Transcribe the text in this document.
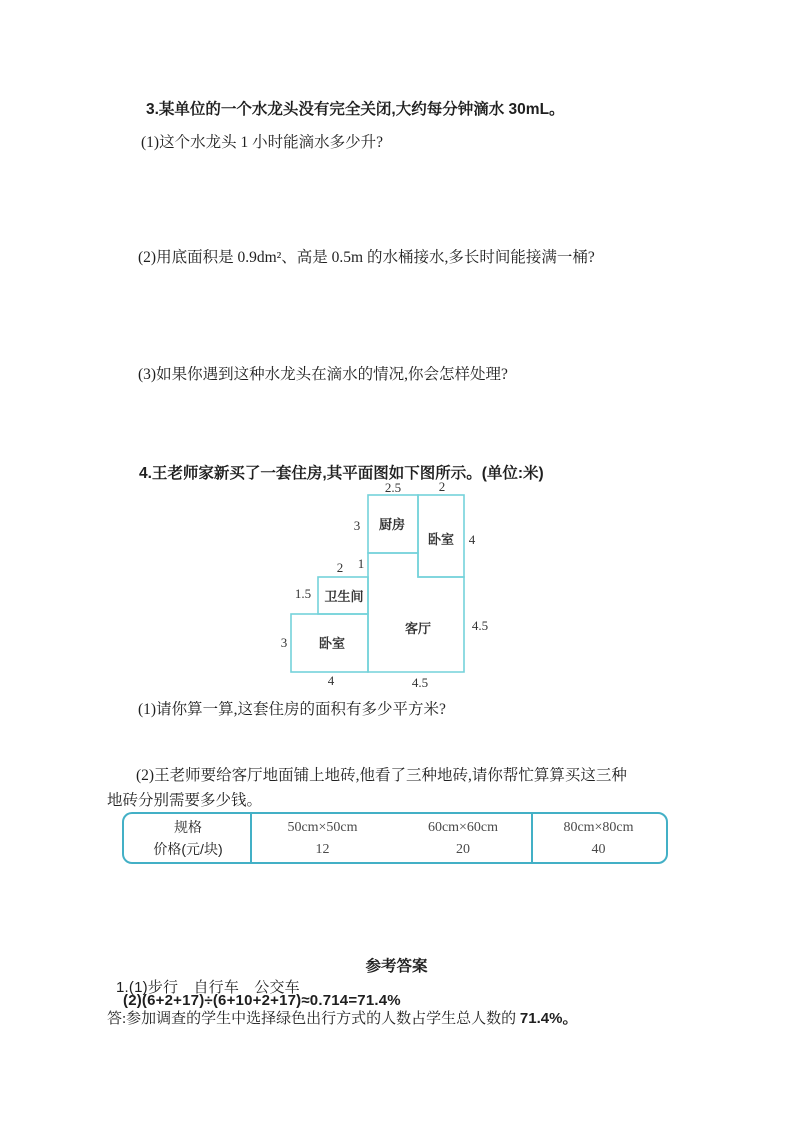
3.某单位的一个水龙头没有完全关闭,大约每分钟滴水 30mL。
(1)这个水龙头 1 小时能滴水多少升?
(2)用底面积是 0.9dm²、高是 0.5m 的水桶接水,多长时间能接满一桶?
(3)如果你遇到这种水龙头在滴水的情况,你会怎样处理?
4.王老师家新买了一套住房,其平面图如下图所示。(单位:米)
2.5	2
3
4
2 1
1.5
3
4.5
4	4.5
厨房
卧室
卫生间
卧室
客厅
(1)请你算一算,这套住房的面积有多少平方米?
(2)王老师要给客厅地面铺上地砖,他看了三种地砖,请你帮忙算算买这三种
地砖分别需要多少钱。
规格	50cm×50cm	60cm×60cm	80cm×80cm
价格(元/块)	12	20	40
参考答案
1.(1)步行　自行车　公交车
(2)(6+2+17)÷(6+10+2+17)≈0.714=71.4%
答:参加调查的学生中选择绿色出行方式的人数占学生总人数的 71.4%。
